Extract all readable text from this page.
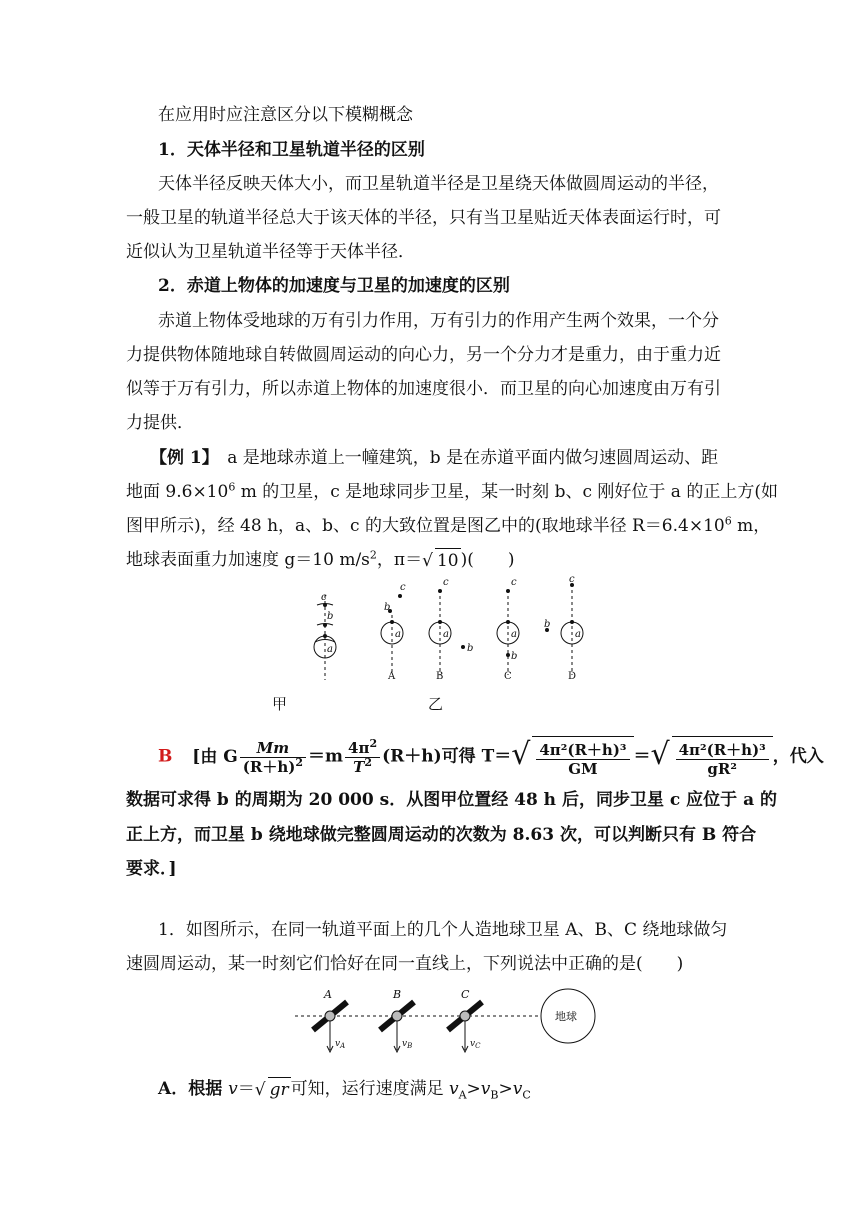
在应用时应注意区分以下模糊概念
1．天体半径和卫星轨道半径的区别
天体半径反映天体大小，而卫星轨道半径是卫星绕天体做圆周运动的半径，
一般卫星的轨道半径总大于该天体的半径，只有当卫星贴近天体表面运行时，可
近似认为卫星轨道半径等于天体半径．
2．赤道上物体的加速度与卫星的加速度的区别
赤道上物体受地球的万有引力作用，万有引力的作用产生两个效果，一个分
力提供物体随地球自转做圆周运动的向心力，另一个分力才是重力，由于重力近
似等于万有引力，所以赤道上物体的加速度很小．而卫星的向心加速度由万有引
力提供．
【例 1】　 a 是地球赤道上一幢建筑，b 是在赤道平面内做匀速圆周运动、距
地面 $9.6\times 10^6$ m 的卫星，c 是地球同步卫星，某一时刻 b、c 刚好位于 a 的正上方(如
图甲所示)，经 48 h，a、b、c 的大致位置是图乙中的(取地球半径 $R=6.4\times 10^6$ m，
地球表面重力加速度 g＝10 $m/s^2$，π＝√ 10 )(　　)
c
b
a
b
c
a
c
a
b
c
a
b
c
a
b
A	B	C	D
甲	乙
B [由 G $\frac{Mm}{(R+h)^2} =m \frac{4\pi^2}{T^2} (R+h)$可得 $T=√ \frac{\text{4π²(R＋h)³}}{GM}$ ＝√ $\frac{\text{4π²(R＋h)³}}{\text{gR²}}$ ，代入
数据可求得 b 的周期为 20 000 s．从图甲位置经 48 h 后，同步卫星 c 应位于 a 的
正上方，而卫星 b 绕地球做完整圆周运动的次数为 8.63 次，可以判断只有 B 符合
要求．]
1．如图所示，在同一轨道平面上的几个人造地球卫星 A、B、C 绕地球做匀
速圆周运动，某一时刻它们恰好在同一直线上，下列说法中正确的是(　　)
A	B	C
$v_A$	$v_B$	$v_C$
地球
A．根据 v＝√ gr 可知，运行速度满足 $v_A>v_B>v_C$
